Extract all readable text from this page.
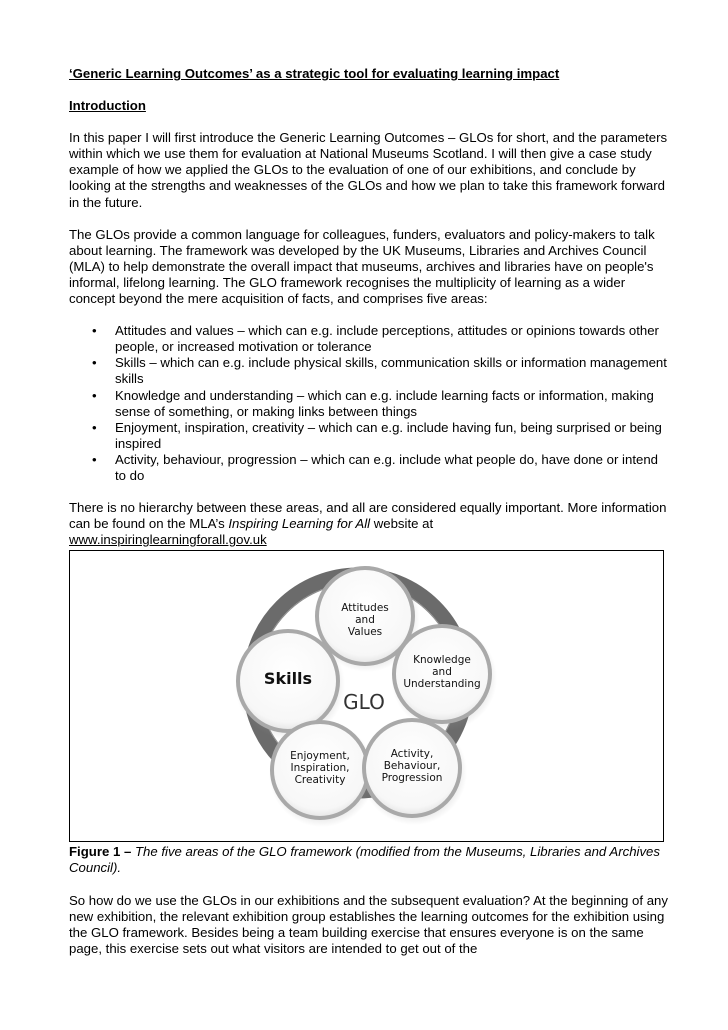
‘Generic Learning Outcomes’ as a strategic tool for evaluating learning impact
Introduction

In this paper I will first introduce the Generic Learning Outcomes – GLOs for short, and the parameters within which we use them for evaluation at National Museums Scotland. I will then give a case study example of how we applied the GLOs to the evaluation of one of our exhibitions, and conclude by looking at the strengths and weaknesses of the GLOs and how we plan to take this framework forward in the future.

The GLOs provide a common language for colleagues, funders, evaluators and policy-makers to talk about learning. The framework was developed by the UK Museums, Libraries and Archives Council (MLA) to help demonstrate the overall impact that museums, archives and libraries have on people's informal, lifelong learning. The GLO framework recognises the multiplicity of learning as a wider concept beyond the mere acquisition of facts, and comprises five areas:

• Attitudes and values – which can e.g. include perceptions, attitudes or opinions towards other people, or increased motivation or tolerance
• Skills – which can e.g. include physical skills, communication skills or information management skills
• Knowledge and understanding – which can e.g. include learning facts or information, making sense of something, or making links between things
• Enjoyment, inspiration, creativity – which can e.g. include having fun, being surprised or being inspired
• Activity, behaviour, progression – which can e.g. include what people do, have done or intend to do

There is no hierarchy between these areas, and all are considered equally important. More information can be found on the MLA’s Inspiring Learning for All website at
www.inspiringlearningforall.gov.uk

Attitudes
and
Values
Skills
Knowledge
and
Understanding
Enjoyment,
Inspiration,
Creativity
Activity,
Behaviour,
Progression
GLO
Figure 1 – The five areas of the GLO framework (modified from the Museums, Libraries and Archives Council).

So how do we use the GLOs in our exhibitions and the subsequent evaluation? At the beginning of any new exhibition, the relevant exhibition group establishes the learning outcomes for the exhibition using the GLO framework. Besides being a team building exercise that ensures everyone is on the same page, this exercise sets out what visitors are intended to get out of the
